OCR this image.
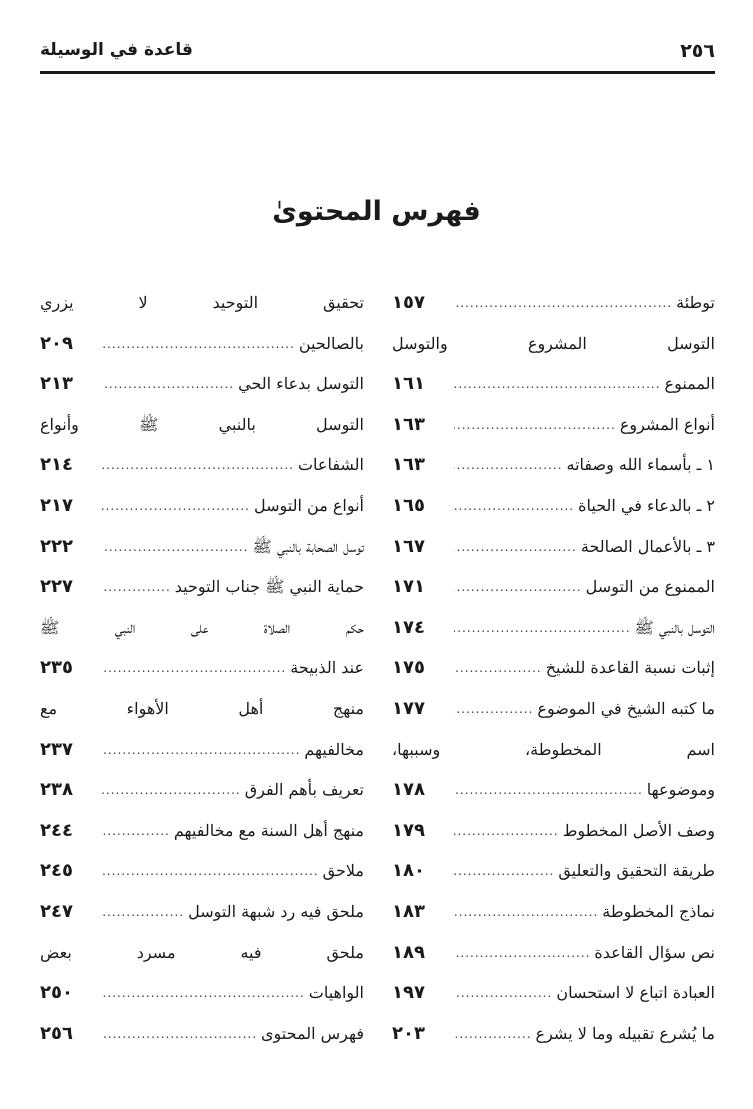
٢٥٦
قاعدة في الوسيلة
فهرس المحتوىٰ
توطئة
.....
١٥٧
التوسل المشروع والتوسل
الممنوع
.....
١٦١
أنواع المشروع
.....
١٦٣
١ ـ بأسماء الله وصفاته
.....
١٦٣
٢ ـ بالدعاء في الحياة
.....
١٦٥
٣ ـ بالأعمال الصالحة
.....
١٦٧
الممنوع من التوسل
.....
١٧١
التوسل بالنبي ﷺ
.....
١٧٤
إثبات نسبة القاعدة للشيخ
.....
١٧٥
ما كتبه الشيخ في الموضوع
.....
١٧٧
اسم المخطوطة، وسببها،
وموضوعها
.....
١٧٨
وصف الأصل المخطوط
.....
١٧٩
طريقة التحقيق والتعليق
.....
١٨٠
نماذج المخطوطة
.....
١٨٣
نص سؤال القاعدة
.....
١٨٩
العبادة اتباع لا استحسان
.....
١٩٧
ما يُشرع تقبيله وما لا يشرع
.....
٢٠٣
تحقيق التوحيد لا يزري
بالصالحين
.....
٢٠٩
التوسل بدعاء الحي
.....
٢١٣
التوسل بالنبي ﷺ وأنواع
الشفاعات
.....
٢١٤
أنواع من التوسل
.....
٢١٧
توسل الصحابة بالنبي ﷺ
.....
٢٢٢
حماية النبي ﷺ جناب التوحيد
.....
٢٢٧
حكم الصلاة على النبي ﷺ
عند الذبيحة
.....
٢٣٥
منهج أهل الأهواء مع
مخالفيهم
.....
٢٣٧
تعريف بأهم الفرق
.....
٢٣٨
منهج أهل السنة مع مخالفيهم
.....
٢٤٤
ملاحق
.....
٢٤٥
ملحق فيه رد شبهة التوسل
.....
٢٤٧
ملحق فيه مسرد بعض
الواهيات
.....
٢٥٠
فهرس المحتوى
.....
٢٥٦
